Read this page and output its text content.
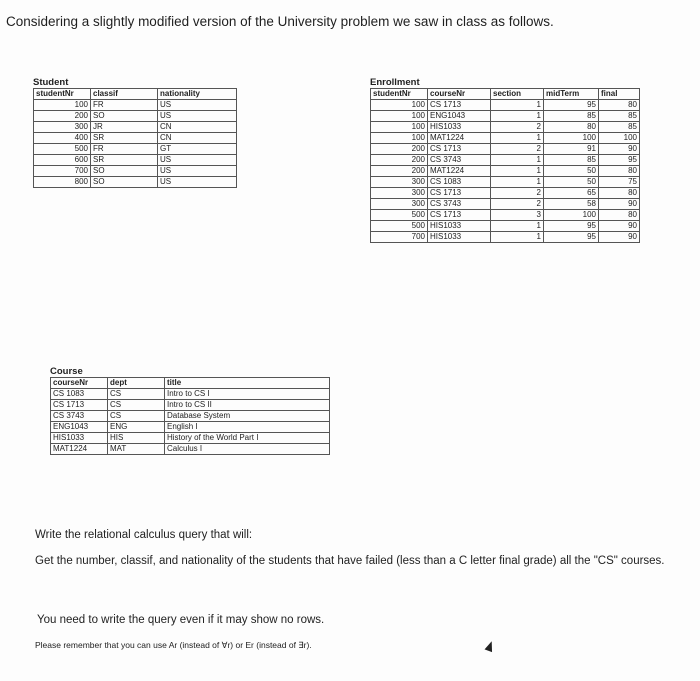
Considering a slightly modified version of the University problem we saw in class as follows.
Student
studentNr	classif	nationality
100	FR	US
200	SO	US
300	JR	CN
400	SR	CN
500	FR	GT
600	SR	US
700	SO	US
800	SO	US
Enrollment
studentNr	courseNr	section	midTerm	final
100	CS 1713	1	95	80
100	ENG1043	1	85	85
100	HIS1033	2	80	85
100	MAT1224	1	100	100
200	CS 1713	2	91	90
200	CS 3743	1	85	95
200	MAT1224	1	50	80
300	CS 1083	1	50	75
300	CS 1713	2	65	80
300	CS 3743	2	58	90
500	CS 1713	3	100	80
500	HIS1033	1	95	90
700	HIS1033	1	95	90
Course
courseNr	dept	title
CS 1083	CS	Intro to CS I
CS 1713	CS	Intro to CS II
CS 3743	CS	Database System
ENG1043	ENG	English I
HIS1033	HIS	History of the World Part I
MAT1224	MAT	Calculus I
Write the relational calculus query that will:
Get the number, classif, and nationality of the students that have failed (less than a C letter final grade) all the "CS" courses.
You need to write the query even if it may show no rows.
Please remember that you can use Ar (instead of ∀r) or Er (instead of ∃r).
